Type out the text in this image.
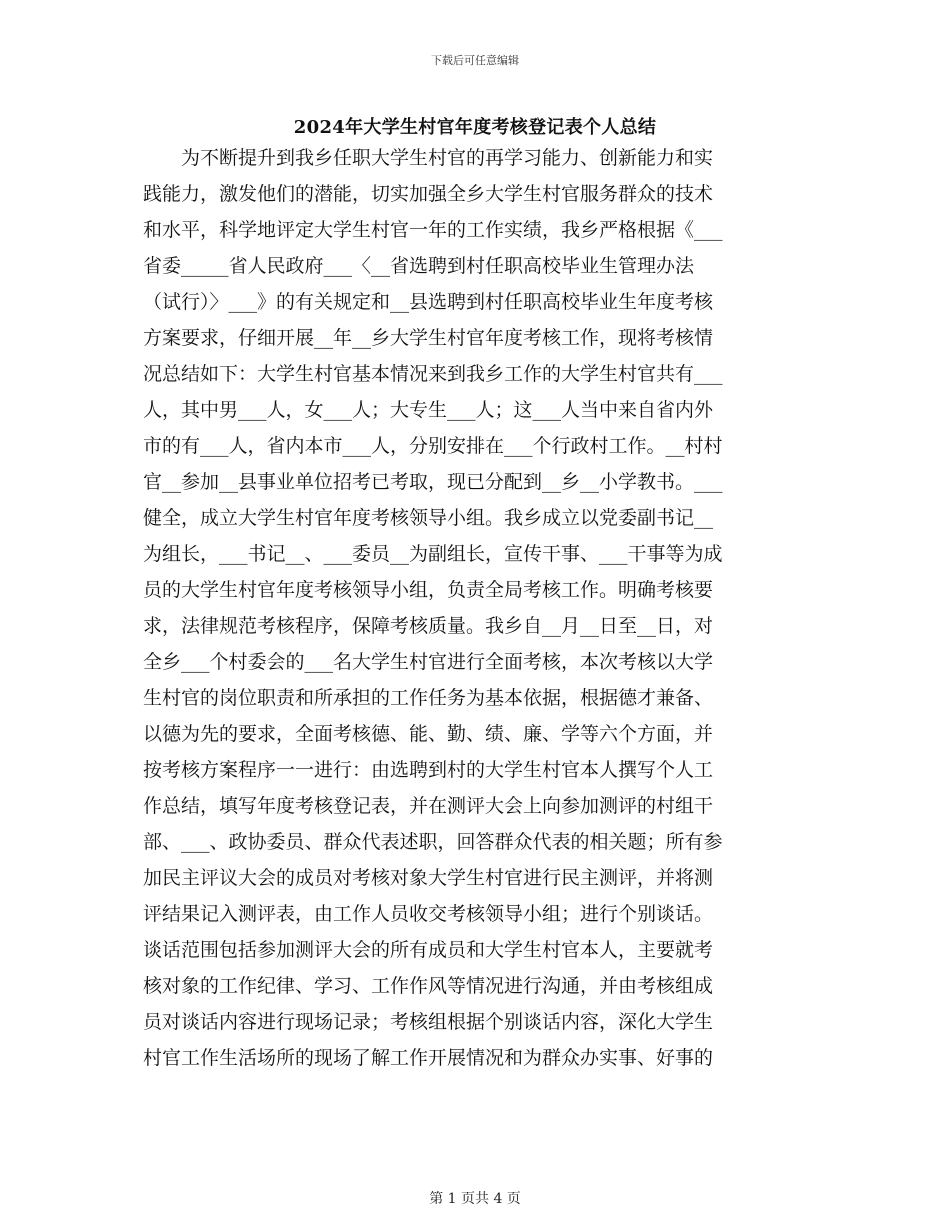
下载后可任意编辑
2024年大学生村官年度考核登记表个人总结
为不断提升到我乡任职大学生村官的再学习能力、创新能力和实
践能力，激发他们的潜能，切实加强全乡大学生村官服务群众的技术
和水平，科学地评定大学生村官一年的工作实绩，我乡严格根据《___
省委_____省人民政府___〈__省选聘到村任职高校毕业生管理办法
（试行）〉___》的有关规定和__县选聘到村任职高校毕业生年度考核
方案要求，仔细开展__年__乡大学生村官年度考核工作，现将考核情
况总结如下：大学生村官基本情况来到我乡工作的大学生村官共有___
人，其中男___人，女___人；大专生___人；这___人当中来自省内外
市的有___人，省内本市___人，分别安排在___个行政村工作。__村村
官__参加__县事业单位招考已考取，现已分配到__乡__小学教书。___
健全，成立大学生村官年度考核领导小组。我乡成立以党委副书记__
为组长，___书记__、___委员__为副组长，宣传干事、___干事等为成
员的大学生村官年度考核领导小组，负责全局考核工作。明确考核要
求，法律规范考核程序，保障考核质量。我乡自__月__日至__日，对
全乡___个村委会的___名大学生村官进行全面考核，本次考核以大学
生村官的岗位职责和所承担的工作任务为基本依据，根据德才兼备、
以德为先的要求，全面考核德、能、勤、绩、廉、学等六个方面，并
按考核方案程序一一进行：由选聘到村的大学生村官本人撰写个人工
作总结，填写年度考核登记表，并在测评大会上向参加测评的村组干
部、___、政协委员、群众代表述职，回答群众代表的相关题；所有参
加民主评议大会的成员对考核对象大学生村官进行民主测评，并将测
评结果记入测评表，由工作人员收交考核领导小组；进行个别谈话。
谈话范围包括参加测评大会的所有成员和大学生村官本人，主要就考
核对象的工作纪律、学习、工作作风等情况进行沟通，并由考核组成
员对谈话内容进行现场记录；考核组根据个别谈话内容，深化大学生
村官工作生活场所的现场了解工作开展情况和为群众办实事、好事的
第 1 页共 4 页
